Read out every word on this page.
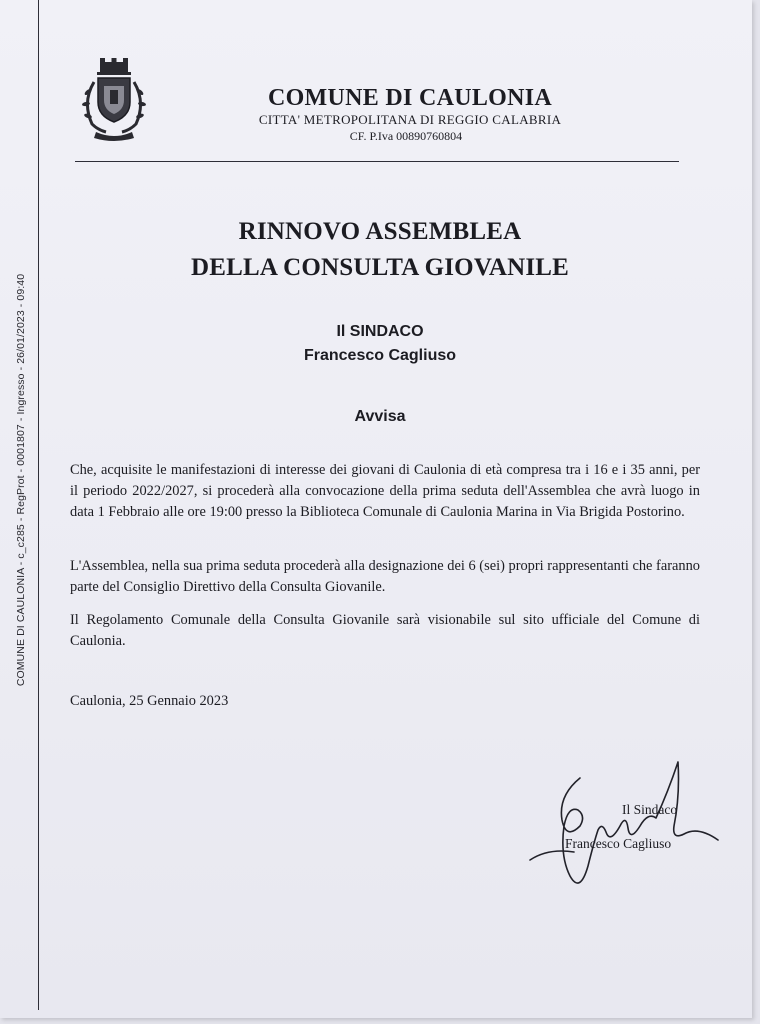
COMUNE DI CAULONIA - c_c285 - RegProt - 0001807 - Ingresso - 26/01/2023 - 09:40
COMUNE DI CAULONIA
CITTA' METROPOLITANA DI REGGIO CALABRIA
CF. P.Iva 00890760804
RINNOVO ASSEMBLEA
DELLA CONSULTA GIOVANILE
Il SINDACO
Francesco Cagliuso
Avvisa

Che, acquisite le manifestazioni di interesse dei giovani di Caulonia di età compresa tra i 16 e i 35 anni, per il periodo 2022/2027, si procederà alla convocazione della prima seduta dell'Assemblea che avrà luogo in data 1 Febbraio alle ore 19:00 presso la Biblioteca Comunale di Caulonia Marina in Via Brigida Postorino.

L'Assemblea, nella sua prima seduta procederà alla designazione dei 6 (sei) propri rappresentanti che faranno parte del Consiglio Direttivo della Consulta Giovanile.

Il Regolamento Comunale della Consulta Giovanile sarà visionabile sul sito ufficiale del Comune di Caulonia.

Caulonia, 25 Gennaio 2023
Il Sindaco
Francesco Cagliuso
